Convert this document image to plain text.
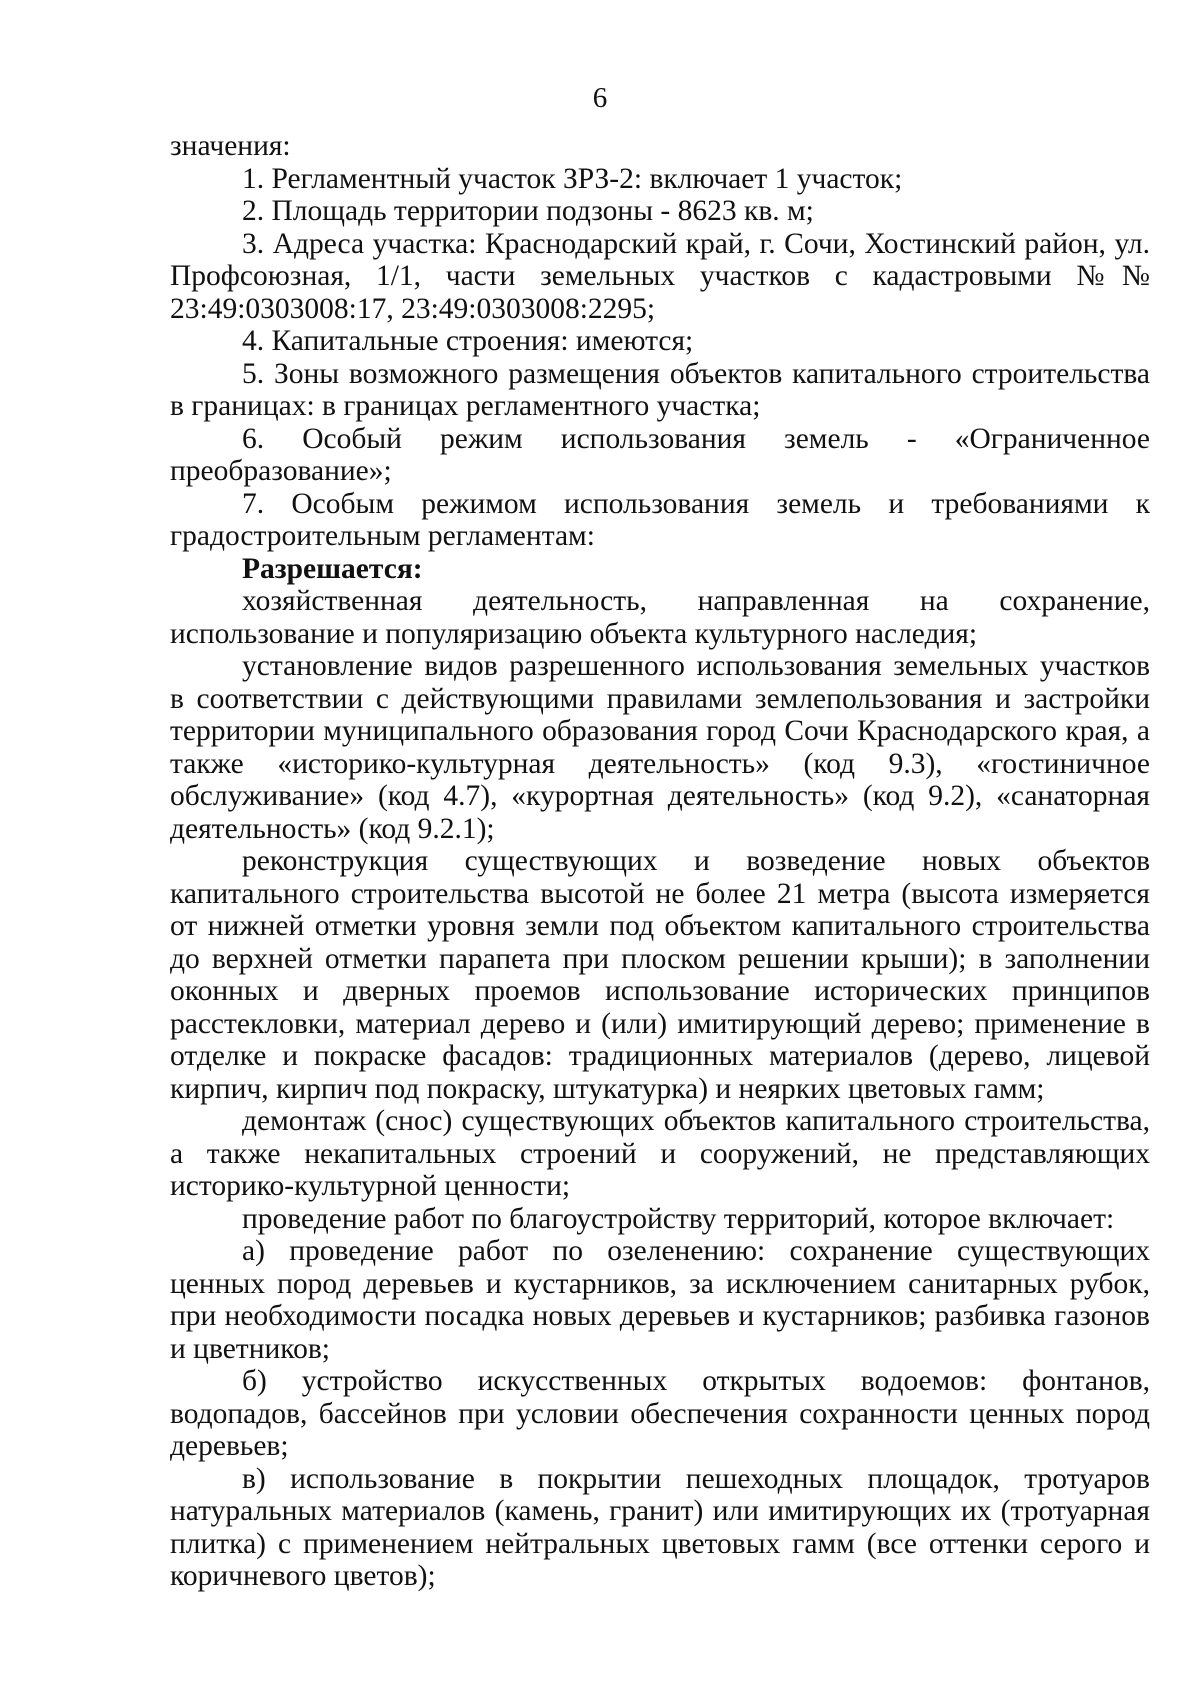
6

значения:

1. Регламентный участок ЗРЗ-2: включает 1 участок;

2. Площадь территории подзоны - 8623 кв. м;

3. Адреса участка: Краснодарский край, г. Сочи, Хостинский район, ул. Профсоюзная, 1/1, части земельных участков с кадастровыми №№ 23:49:0303008:17, 23:49:0303008:2295;

4. Капитальные строения: имеются;

5. Зоны возможного размещения объектов капитального строительства в границах: в границах регламентного участка;

6. Особый режим использования земель - «Ограниченное преобразование»;

7. Особым режимом использования земель и требованиями к градостроительным регламентам:

Разрешается:

хозяйственная деятельность, направленная на сохранение, использование и популяризацию объекта культурного наследия;

установление видов разрешенного использования земельных участков в соответствии с действующими правилами землепользования и застройки территории муниципального образования город Сочи Краснодарского края, а также «историко-культурная деятельность» (код 9.3), «гостиничное обслуживание» (код 4.7), «курортная деятельность» (код 9.2), «санаторная деятельность» (код 9.2.1);

реконструкция существующих и возведение новых объектов капитального строительства высотой не более 21 метра (высота измеряется от нижней отметки уровня земли под объектом капитального строительства до верхней отметки парапета при плоском решении крыши); в заполнении оконных и дверных проемов использование исторических принципов расстекловки, материал дерево и (или) имитирующий дерево; применение в отделке и покраске фасадов: традиционных материалов (дерево, лицевой кирпич, кирпич под покраску, штукатурка) и неярких цветовых гамм;

демонтаж (снос) существующих объектов капитального строительства, а также некапитальных строений и сооружений, не представляющих историко-культурной ценности;

проведение работ по благоустройству территорий, которое включает:

а) проведение работ по озеленению: сохранение существующих ценных пород деревьев и кустарников, за исключением санитарных рубок, при необходимости посадка новых деревьев и кустарников; разбивка газонов и цветников;

б) устройство искусственных открытых водоемов: фонтанов, водопадов, бассейнов при условии обеспечения сохранности ценных пород деревьев;

в) использование в покрытии пешеходных площадок, тротуаров натуральных материалов (камень, гранит) или имитирующих их (тротуарная плитка) с применением нейтральных цветовых гамм (все оттенки серого и коричневого цветов);
